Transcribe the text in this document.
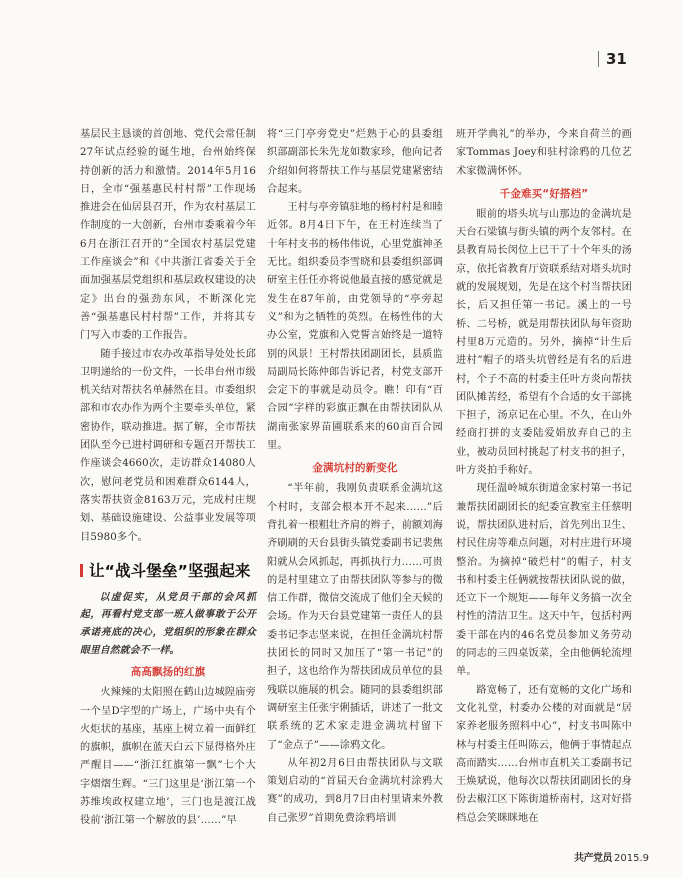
31

基层民主恳谈的首创地、党代会常任制27年试点经验的诞生地，台州始终保持创新的活力和激情。2014年5月16日，全市“强基惠民村村帮”工作现场推进会在仙居县召开，作为农村基层工作制度的一大创新，台州市委乘着今年6月在浙江召开的“全国农村基层党建工作座谈会”和《中共浙江省委关于全面加强基层党组织和基层政权建设的决定》出台的强劲东风，不断深化完善“强基惠民村村帮”工作，并将其专门写入市委的工作报告。

随手接过市农办改革指导处处长邱卫明递给的一份文件，一长串台州市级机关结对帮扶名单赫然在目。市委组织部和市农办作为两个主要牵头单位，紧密协作，联动推进。据了解，全市帮扶团队至今已进村调研和专题召开帮扶工作座谈会4660次，走访群众14080人次，慰问老党员和困难群众6144人，落实帮扶资金8163万元，完成村庄规划、基础设施建设、公益事业发展等项目5980多个。

让“战斗堡垒”坚强起来

以虚促实，从党员干部的会风抓起，再看村党支部一班人做事敢于公开承诺亮底的决心，党组织的形象在群众眼里自然就会不一样。

高高飘扬的红旗

火辣辣的太阳照在鹤山边城隍庙旁一个呈D字型的广场上，广场中央有个火炬状的基座，基座上树立着一面鲜红的旗帜，旗帜在蓝天白云下显得格外庄严醒目——“浙江红旗第一飘”七个大字熠熠生辉。“三门这里是‘浙江第一个苏维埃政权建立地’，三门也是渡江战役前‘浙江第一个解放的县’……”早

将“三门亭旁党史”烂熟于心的县委组织部副部长朱先龙如数家珍，他向记者介绍如何将帮扶工作与基层党建紧密结合起来。

王村与亭旁镇驻地的杨村村是和睦近邻。8月4日下午，在王村连续当了十年村支书的杨伟伟说，心里党旗神圣无比。组织委员李雪晓和县委组织部调研室主任任亦将说他最直接的感觉就是发生在87年前，由党领导的“亭旁起义”和为之牺牲的英烈。在杨性伟的大办公室，党旗和入党誓言始终是一道特别的风景！王村帮扶团副团长，县质监局副局长陈仲郎告诉记者，村党支部开会定下的事就是动员令。瞧！印有“百合园”字样的彩旗正飘在由帮扶团队从湖南张家界苗圃联系来的60亩百合园里。

金满坑村的新变化

“半年前，我刚负责联系金满坑这个村时，支部会根本开不起来……”后背扎着一根粗壮齐肩的辫子，前额刘海齐刷刷的天台县街头镇党委副书记裴焦阳就从会风抓起，再抓执行力……可贵的是村里建立了由帮扶团队等参与的微信工作群，微信交流成了他们全天候的会场。作为天台县党建第一责任人的县委书记李志坚来说，在担任金满坑村帮扶团长的同时又加压了“第一书记”的担子，这也给作为帮扶团成员单位的县残联以施展的机会。随同的县委组织部调研室主任张宇俐插话，讲述了一批文联系统的艺术家走进金满坑村留下了“金点子”——涂鸦文化。

从年初2月6日由帮扶团队与文联策划启动的“首届天台金满坑村涂鸦大赛”的成功，到8月7日由村里请来外教自己张罗”首期免费涂鸦培训

班开学典礼”的举办，今来自荷兰的画家Tommas Joey和驻村涂鸦的几位艺术家微满怀怀。

千金难买“好搭档”

眼前的塔头坑与山那边的金满坑是天台石梁镇与街头镇的两个友邻村。在县教育局长闵位上已干了十个年头的汤京，依托省教育厅资联系结对塔头坑时就的发展规划，先是在这个村当帮扶团长，后又担任第一书记。溪上的一号桥、二号桥，就是用帮扶团队每年资助村里8万元造的。另外，摘掉“计生后进村”帽子的塔头坑曾经是有名的后进村，个子不高的村委主任叶方炎向帮扶团队摊苦经，希望有个合适的女干部挑下担子，汤京记在心里。不久，在山外经商打拼的支委陆爱娟放弃自己的主业，被动员回村挑起了村支书的担子，叶方炎拍手称好。

现任温岭城东街道金家村第一书记兼帮扶团副团长的纪委宣教室主任蔡明说，帮扶团队进村后，首先列出卫生、村民住房等难点问题，对村庄进行环境整治。为摘掉“破烂村”的帽子，村支书和村委主任俩就按帮扶团队说的做，还立下一个规矩——每年义务搞一次全村性的清洁卫生。这天中午，包括村两委干部在内的46名党员参加义务劳动的同志的三四桌饭菜，全由他俩轮流埋单。

路宽畅了，还有宽畅的文化广场和文化礼堂，村委办公楼的对面就是“居家养老服务照料中心”，村支书叫陈中林与村委主任叫陈云，他俩于事情起点高而踏实……台州市直机关工委副书记王焕斌说，他每次以帮扶团副团长的身份去椒江区下陈街道桥南村，这对好搭档总会笑眯眯地在

共产党员 2015.9
